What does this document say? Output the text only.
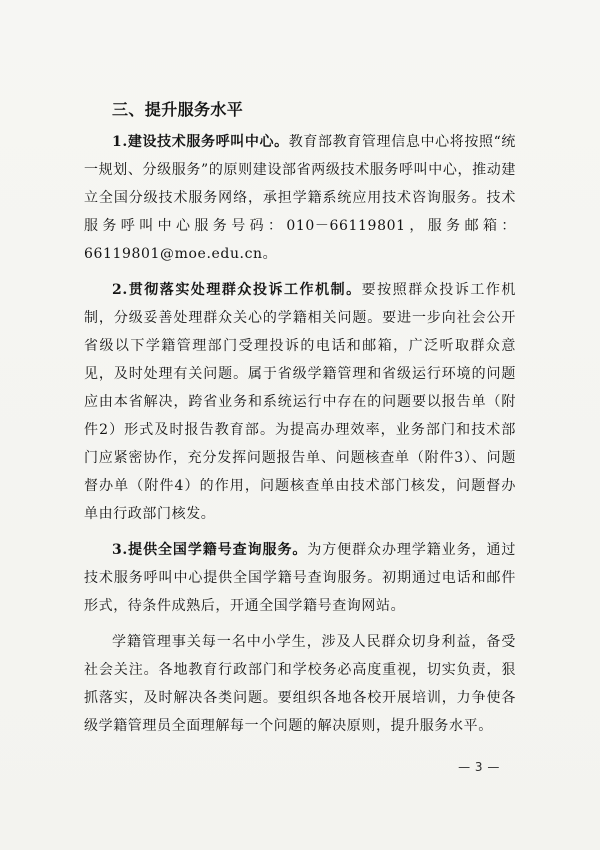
三、提升服务水平

1.建设技术服务呼叫中心。教育部教育管理信息中心将按照“统一规划、分级服务”的原则建设部省两级技术服务呼叫中心，推动建立全国分级技术服务网络，承担学籍系统应用技术咨询服务。技术服务呼叫中心服务号码：010－66119801，服务邮箱：66119801@moe.edu.cn。

2.贯彻落实处理群众投诉工作机制。要按照群众投诉工作机制，分级妥善处理群众关心的学籍相关问题。要进一步向社会公开省级以下学籍管理部门受理投诉的电话和邮箱，广泛听取群众意见，及时处理有关问题。属于省级学籍管理和省级运行环境的问题应由本省解决，跨省业务和系统运行中存在的问题要以报告单（附件2）形式及时报告教育部。为提高办理效率，业务部门和技术部门应紧密协作，充分发挥问题报告单、问题核查单（附件3）、问题督办单（附件4）的作用，问题核查单由技术部门核发，问题督办单由行政部门核发。

3.提供全国学籍号查询服务。为方便群众办理学籍业务，通过技术服务呼叫中心提供全国学籍号查询服务。初期通过电话和邮件形式，待条件成熟后，开通全国学籍号查询网站。

学籍管理事关每一名中小学生，涉及人民群众切身利益，备受社会关注。各地教育行政部门和学校务必高度重视，切实负责，狠抓落实，及时解决各类问题。要组织各地各校开展培训，力争使各级学籍管理员全面理解每一个问题的解决原则，提升服务水平。

— 3 —
